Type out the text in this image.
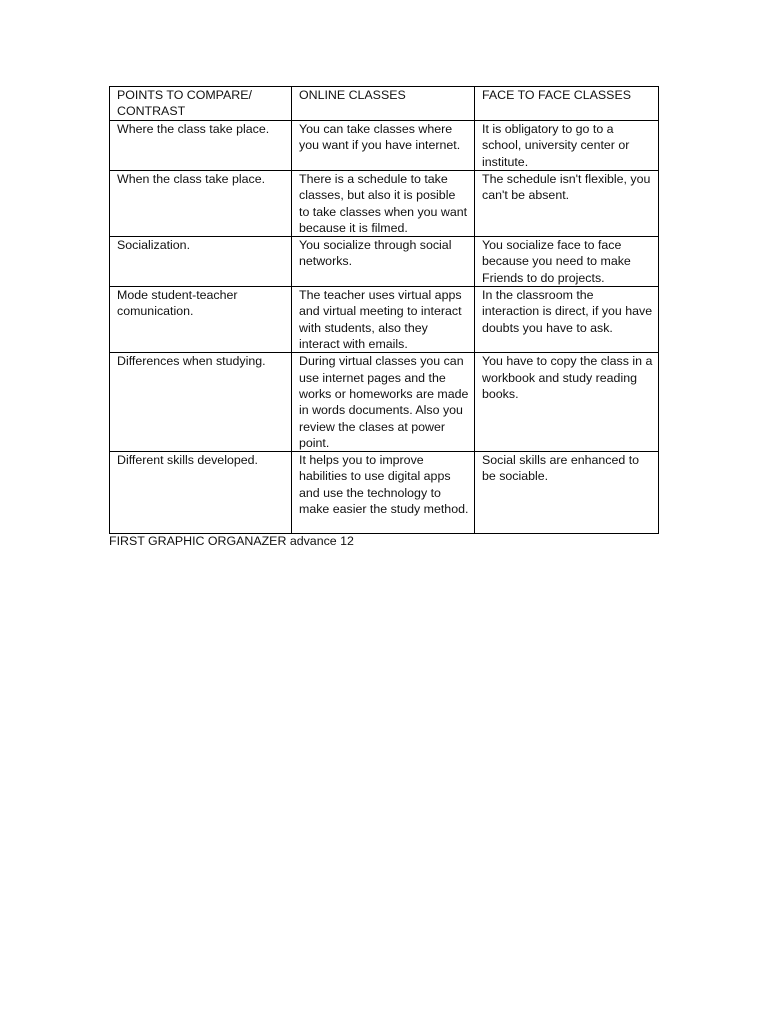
POINTS TO COMPARE/ CONTRAST	ONLINE CLASSES	FACE TO FACE CLASSES
Where the class take place.	You can take classes where you want if you have internet.	It is obligatory to go to a school, university center or institute.
When the class take place.	There is a schedule to take classes, but also it is posible to take classes when you want because it is filmed.	The schedule isn't flexible, you can't be absent.
Socialization.	You socialize through social networks.	You socialize face to face because you need to make Friends to do projects.
Mode student-teacher comunication.	The teacher uses virtual apps and virtual meeting to interact with students, also they interact with emails.	In the classroom the interaction is direct, if you have doubts you have to ask.
Differences when studying.	During virtual classes you can use internet pages and the works or homeworks are made in words documents. Also you review the clases at power point.	You have to copy the class in a workbook and study reading books.
Different skills developed.	It helps you to improve habilities to use digital apps and use the technology to make easier the study method.	Social skills are enhanced to be sociable.
FIRST GRAPHIC ORGANAZER advance 12
